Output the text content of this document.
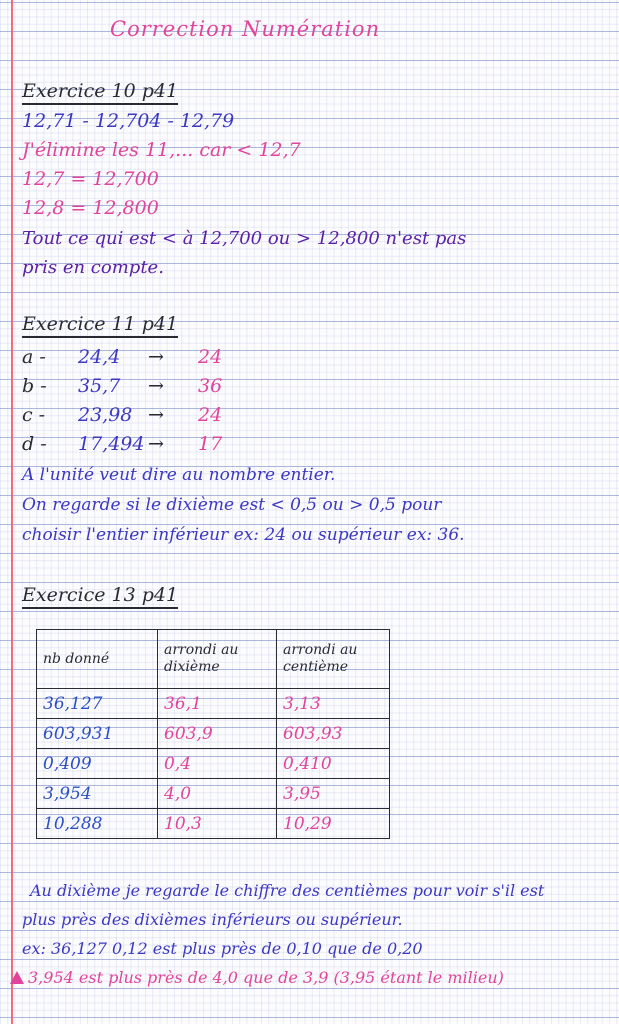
Correction Numération
Exercice 10 p41
12,71 - 12,704 - 12,79
J'élimine les 11,... car < 12,7
12,7 = 12,700
12,8 = 12,800
Tout ce qui est < à 12,700 ou > 12,800 n'est pas
pris en compte.
Exercice 11 p41
a - 24,4 → 24
b - 35,7 → 36
c - 23,98 → 24
d - 17,494 → 17
A l'unité veut dire au nombre entier.
On regarde si le dixième est < 0,5 ou > 0,5 pour
choisir l'entier inférieur ex: 24 ou supérieur ex: 36.
Exercice 13 p41
nb donné	arrondi au dixième	arrondi au centième
36,127	36,1	3,13
603,931	603,9	603,93
0,409	0,4	0,410
3,954	4,0	3,95
10,288	10,3	10,29
Au dixième je regarde le chiffre des centièmes pour voir s'il est
plus près des dixièmes inférieurs ou supérieur.
ex: 36,127 0,12 est plus près de 0,10 que de 0,20
3,954 est plus près de 4,0 que de 3,9 (3,95 étant le milieu)
